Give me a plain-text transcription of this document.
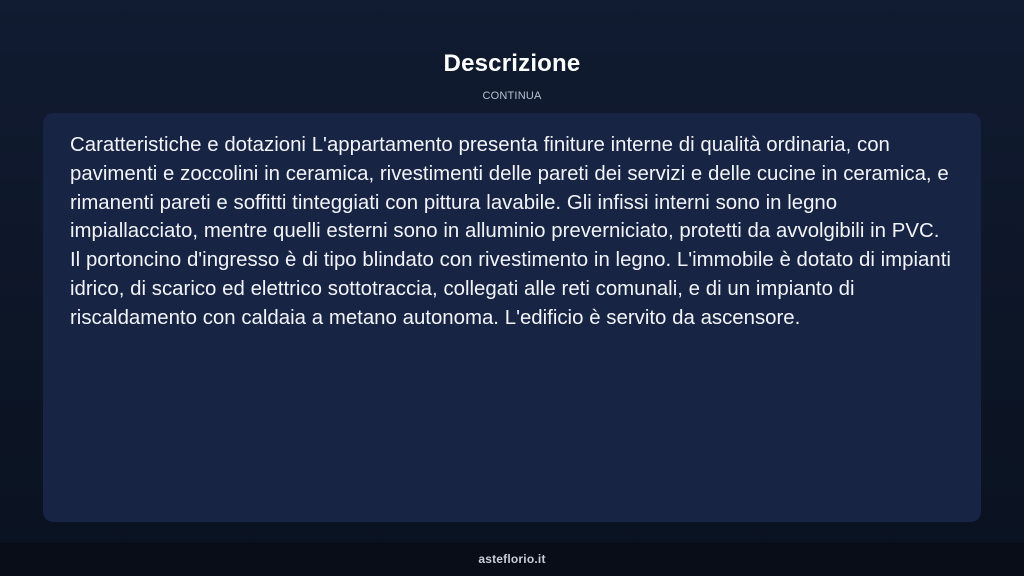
Descrizione
CONTINUA

Caratteristiche e dotazioni L'appartamento presenta finiture interne di qualità ordinaria, con pavimenti e zoccolini in ceramica, rivestimenti delle pareti dei servizi e delle cucine in ceramica, e rimanenti pareti e soffitti tinteggiati con pittura lavabile. Gli infissi interni sono in legno impiallacciato, mentre quelli esterni sono in alluminio preverniciato, protetti da avvolgibili in PVC. Il portoncino d'ingresso è di tipo blindato con rivestimento in legno. L'immobile è dotato di impianti idrico, di scarico ed elettrico sottotraccia, collegati alle reti comunali, e di un impianto di riscaldamento con caldaia a metano autonoma. L'edificio è servito da ascensore.

asteflorio.it
